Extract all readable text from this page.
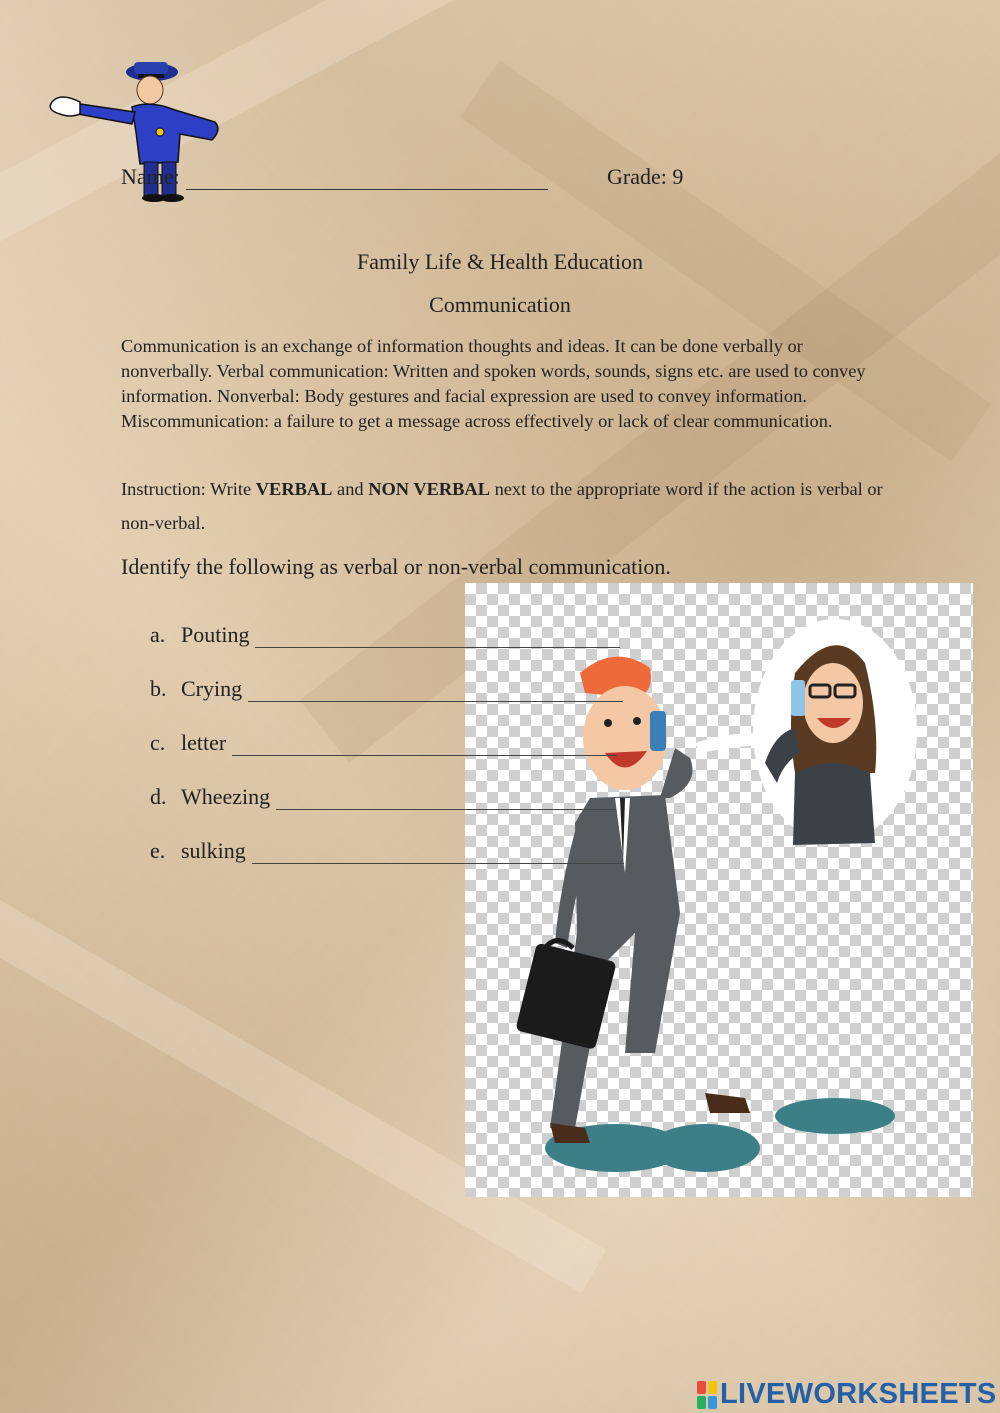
Name:	Grade: 9
Family Life & Health Education
Communication
Communication is an exchange of information thoughts and ideas. It can be done verbally or nonverbally. Verbal communication: Written and spoken words, sounds, signs etc. are used to convey information. Nonverbal: Body gestures and facial expression are used to convey information. Miscommunication: a failure to get a message across effectively or lack of clear communication.
Instruction: Write VERBAL and NON VERBAL next to the appropriate word if the action is verbal or non-verbal.
Identify the following as verbal or non-verbal communication.
a. Pouting
b. Crying
c. letter
d. Wheezing
e. sulking
LIVEWORKSHEETS
